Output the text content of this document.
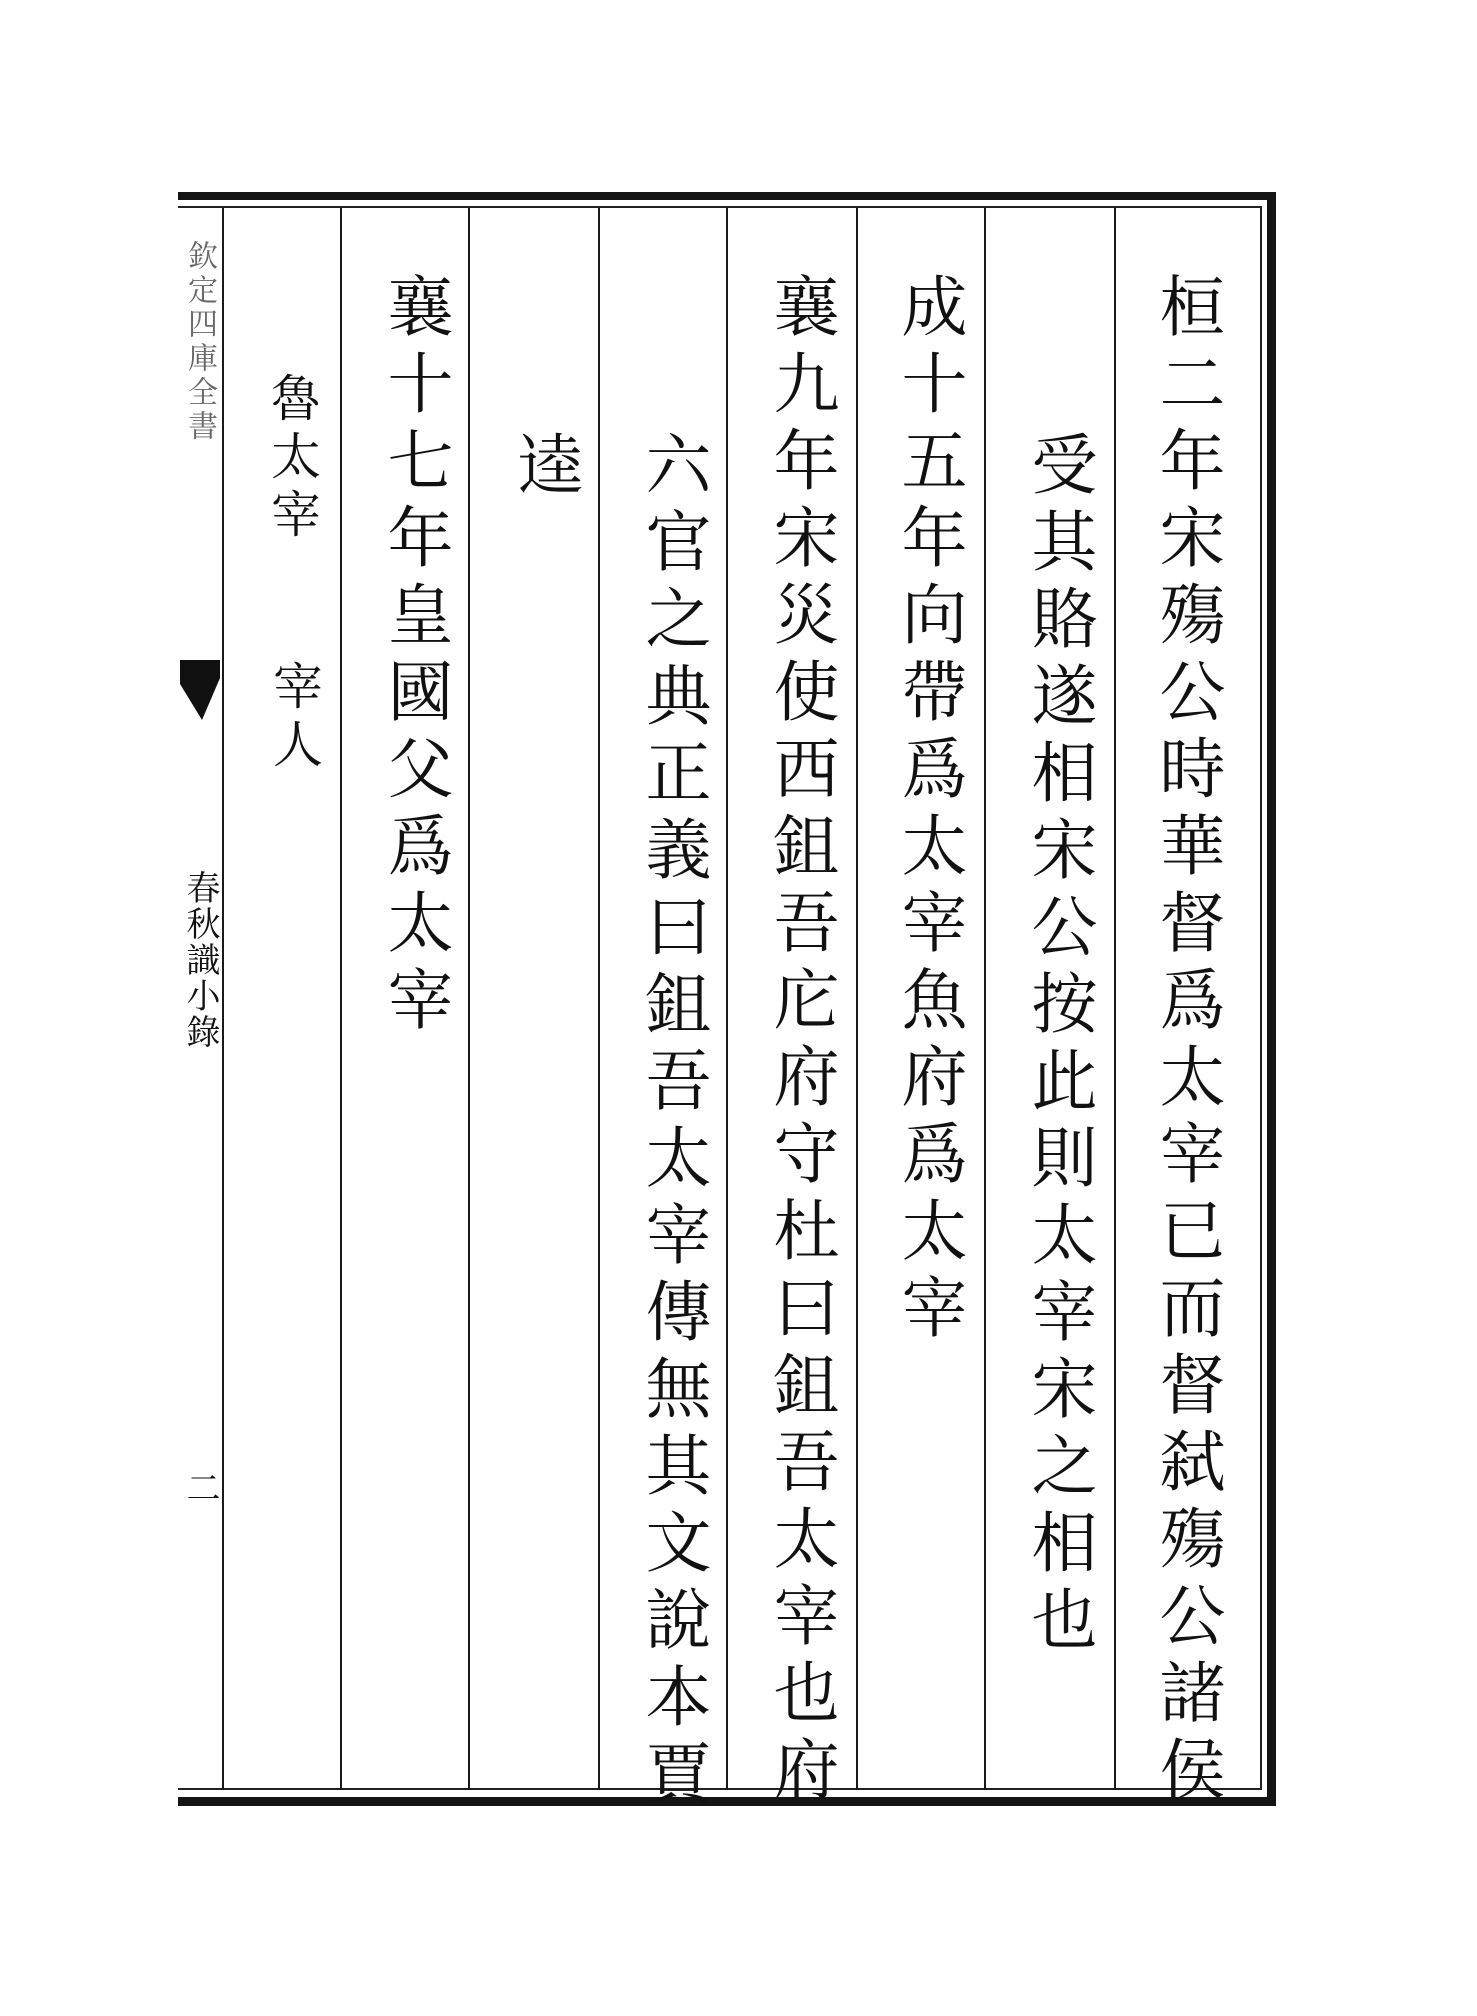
欽定四庫全書
春秋識小錄
二	桓二年宋殤公時華督爲太宰已而督弑殤公諸侯
受其賂遂相宋公按此則太宰宋之相也
成十五年向帶爲太宰魚府爲太宰
襄九年宋災使西鉏吾庀府守杜曰鉏吾太宰也府
六官之典正義曰鉏吾太宰傳無其文說本賈
逵
襄十七年皇國父爲太宰
魯太宰
宰人
